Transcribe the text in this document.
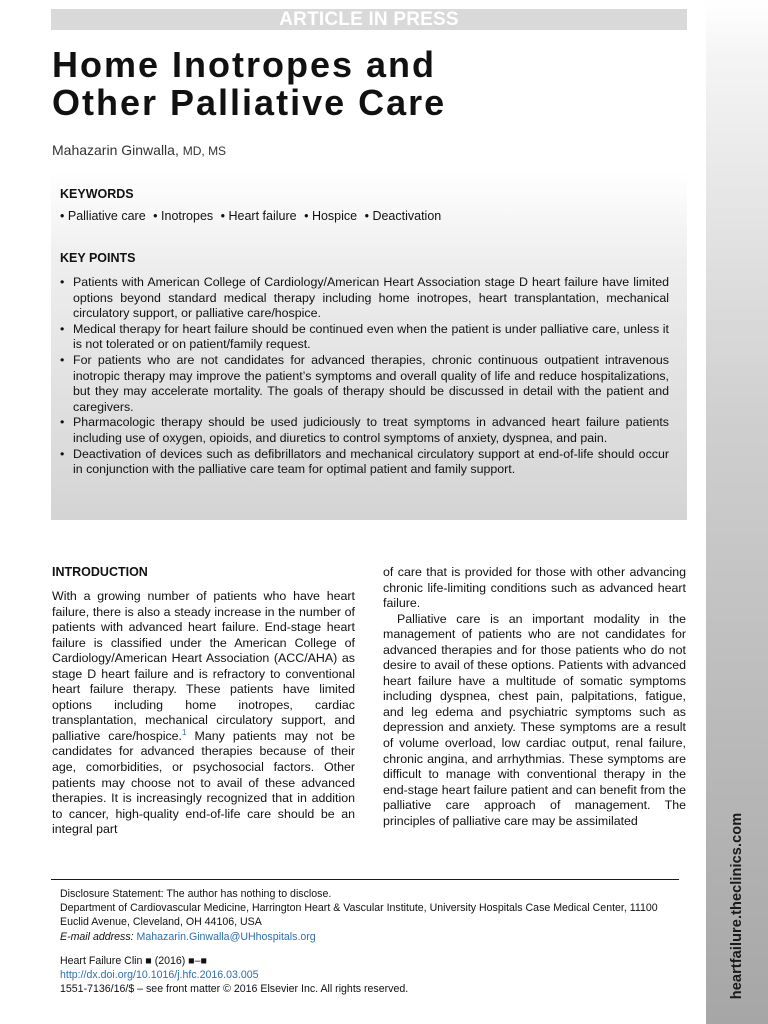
ARTICLE IN PRESS
heartfailure.theclinics.com
Home Inotropes and
Other Palliative Care
Mahazarin Ginwalla, MD, MS
KEYWORDS
• Palliative care • Inotropes • Heart failure • Hospice • Deactivation
KEY POINTS
• Patients with American College of Cardiology/American Heart Association stage D heart failure have limited options beyond standard medical therapy including home inotropes, heart transplantation, mechanical circulatory support, or palliative care/hospice.
• Medical therapy for heart failure should be continued even when the patient is under palliative care, unless it is not tolerated or on patient/family request.
• For patients who are not candidates for advanced therapies, chronic continuous outpatient intravenous inotropic therapy may improve the patient’s symptoms and overall quality of life and reduce hospitalizations, but they may accelerate mortality. The goals of therapy should be discussed in detail with the patient and caregivers.
• Pharmacologic therapy should be used judiciously to treat symptoms in advanced heart failure patients including use of oxygen, opioids, and diuretics to control symptoms of anxiety, dyspnea, and pain.
• Deactivation of devices such as defibrillators and mechanical circulatory support at end-of-life should occur in conjunction with the palliative care team for optimal patient and family support.
INTRODUCTION

With a growing number of patients who have heart failure, there is also a steady increase in the number of patients with advanced heart failure. End-stage heart failure is classified under the American College of Cardiology/American Heart Association (ACC/AHA) as stage D heart failure and is refractory to conventional heart failure therapy. These patients have limited options including home inotropes, cardiac transplantation, mechanical circulatory support, and palliative care/hospice.$^1$ Many patients may not be candidates for advanced therapies because of their age, comorbidities, or psychosocial factors. Other patients may choose not to avail of these advanced therapies. It is increasingly recognized that in addition to cancer, high-quality end-of-life care should be an integral part

of care that is provided for those with other advancing chronic life-limiting conditions such as advanced heart failure.

Palliative care is an important modality in the management of patients who are not candidates for advanced therapies and for those patients who do not desire to avail of these options. Patients with advanced heart failure have a multitude of somatic symptoms including dyspnea, chest pain, palpitations, fatigue, and leg edema and psychiatric symptoms such as depression and anxiety. These symptoms are a result of volume overload, low cardiac output, renal failure, chronic angina, and arrhythmias. These symptoms are difficult to manage with conventional therapy in the end-stage heart failure patient and can benefit from the palliative care approach of management. The principles of palliative care may be assimilated

Disclosure Statement: The author has nothing to disclose.
Department of Cardiovascular Medicine, Harrington Heart & Vascular Institute, University Hospitals Case Medical Center, 11100 Euclid Avenue, Cleveland, OH 44106, USA
E-mail address: Mahazarin.Ginwalla@UHhospitals.org
Heart Failure Clin ■ (2016) ■–■
http://dx.doi.org/10.1016/j.hfc.2016.03.005
1551-7136/16/$ – see front matter © 2016 Elsevier Inc. All rights reserved.
